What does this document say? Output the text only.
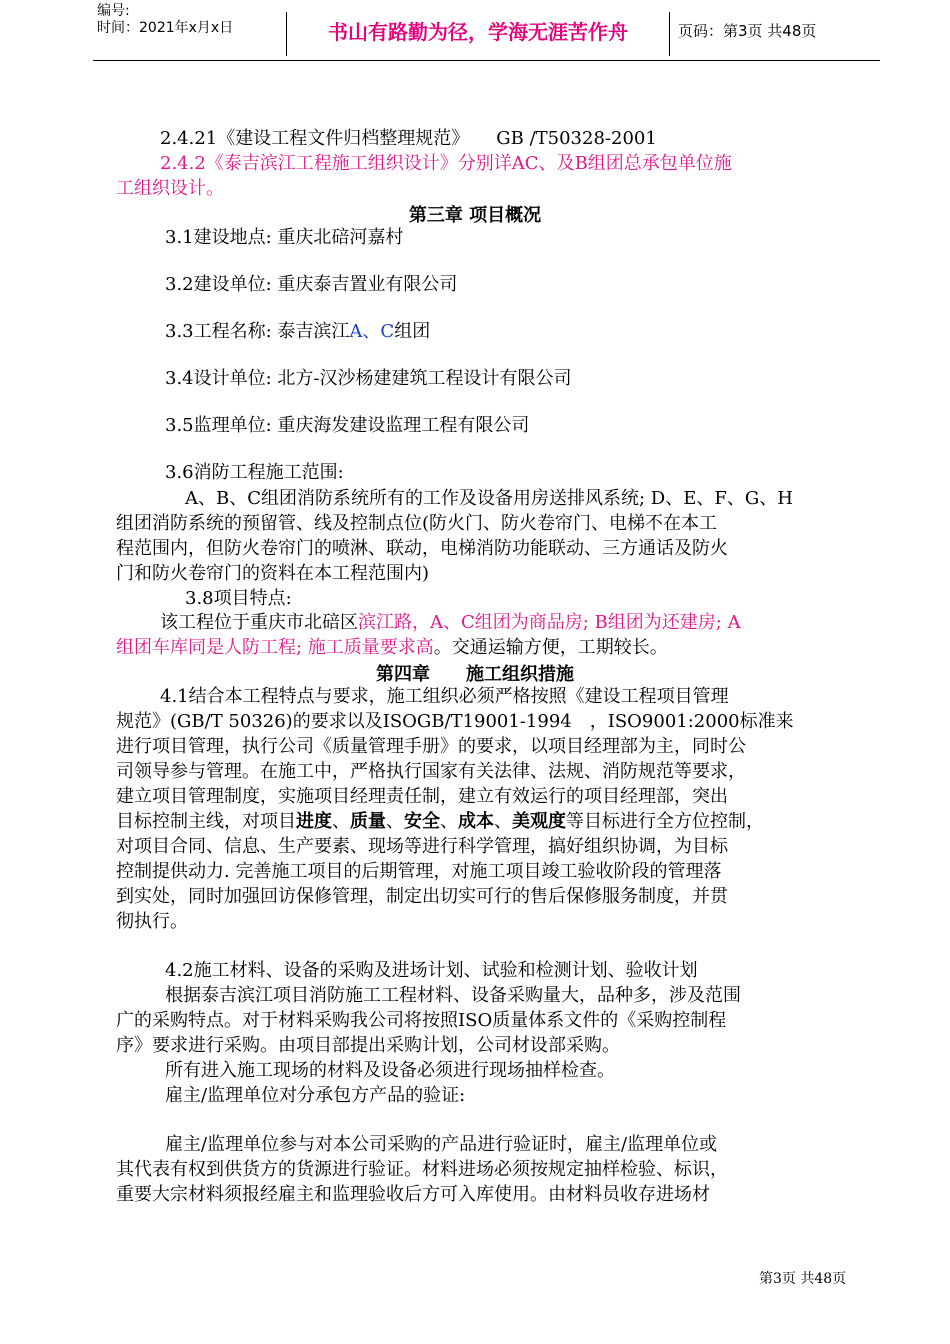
编号:
时间：2021年x月x日	书山有路勤为径，学海无涯苦作舟	页码：第3页 共48页
2.4.21《建设工程文件归档整理规范》　　GB /T50328-2001
2.4.2《泰吉滨江工程施工组织设计》分别详AC、及B组团总承包单位施
工组织设计。
第三章 项目概况
3.1建设地点: 重庆北碚河嘉村
3.2建设单位: 重庆泰吉置业有限公司
3.3工程名称: 泰吉滨江A、C组团
3.4设计单位: 北方-汉沙杨建建筑工程设计有限公司
3.5监理单位: 重庆海发建设监理工程有限公司
3.6消防工程施工范围:
A、B、C组团消防系统所有的工作及设备用房送排风系统; D、E、F、G、H
组团消防系统的预留管、线及控制点位(防火门、防火卷帘门、电梯不在本工
程范围内，但防火卷帘门的喷淋、联动，电梯消防功能联动、三方通话及防火
门和防火卷帘门的资料在本工程范围内)
3.8项目特点:
该工程位于重庆市北碚区滨江路，A、C组团为商品房; B组团为还建房; A
组团车库同是人防工程; 施工质量要求高。交通运输方便，工期较长。
第四章　　施工组织措施
4.1结合本工程特点与要求，施工组织必须严格按照《建设工程项目管理
规范》(GB/T 50326)的要求以及ISOGB/T19001-1994　，ISO9001:2000标准来
进行项目管理，执行公司《质量管理手册》的要求，以项目经理部为主，同时公
司领导参与管理。在施工中，严格执行国家有关法律、法规、消防规范等要求，
建立项目管理制度，实施项目经理责任制，建立有效运行的项目经理部，突出
目标控制主线，对项目进度、质量、安全、成本、美观度等目标进行全方位控制，
对项目合同、信息、生产要素、现场等进行科学管理，搞好组织协调，为目标
控制提供动力. 完善施工项目的后期管理，对施工项目竣工验收阶段的管理落
到实处，同时加强回访保修管理，制定出切实可行的售后保修服务制度，并贯
彻执行。
4.2施工材料、设备的采购及进场计划、试验和检测计划、验收计划
根据泰吉滨江项目消防施工工程材料、设备采购量大，品种多，涉及范围
广的采购特点。对于材料采购我公司将按照ISO质量体系文件的《采购控制程
序》要求进行采购。由项目部提出采购计划，公司材设部采购。
所有进入施工现场的材料及设备必须进行现场抽样检查。
雇主/监理单位对分承包方产品的验证:
雇主/监理单位参与对本公司采购的产品进行验证时，雇主/监理单位或
其代表有权到供货方的货源进行验证。材料进场必须按规定抽样检验、标识，
重要大宗材料须报经雇主和监理验收后方可入库使用。由材料员收存进场材
第3页 共48页
